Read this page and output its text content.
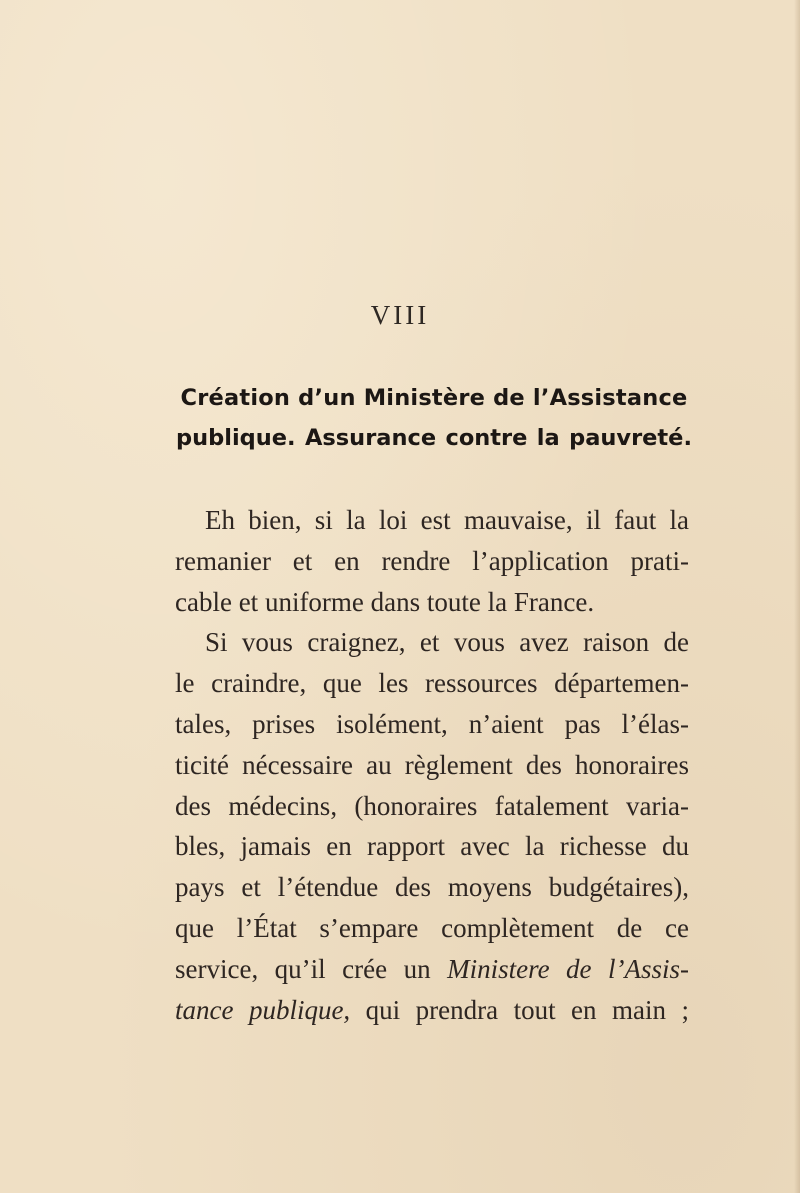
VIII
Création d’un Ministère de l’Assistance
publique. Assurance contre la pauvreté.
Eh bien, si la loi est mauvaise, il faut la
remanier et en rendre l’application prati-
cable et uniforme dans toute la France.
Si vous craignez, et vous avez raison de
le craindre, que les ressources départemen-
tales, prises isolément, n’aient pas l’élas-
ticité nécessaire au règlement des honoraires
des médecins, (honoraires fatalement varia-
bles, jamais en rapport avec la richesse du
pays et l’étendue des moyens budgétaires),
que l’État s’empare complètement de ce
service, qu’il crée un Ministere de l’Assis-
tance publique, qui prendra tout en main ;
